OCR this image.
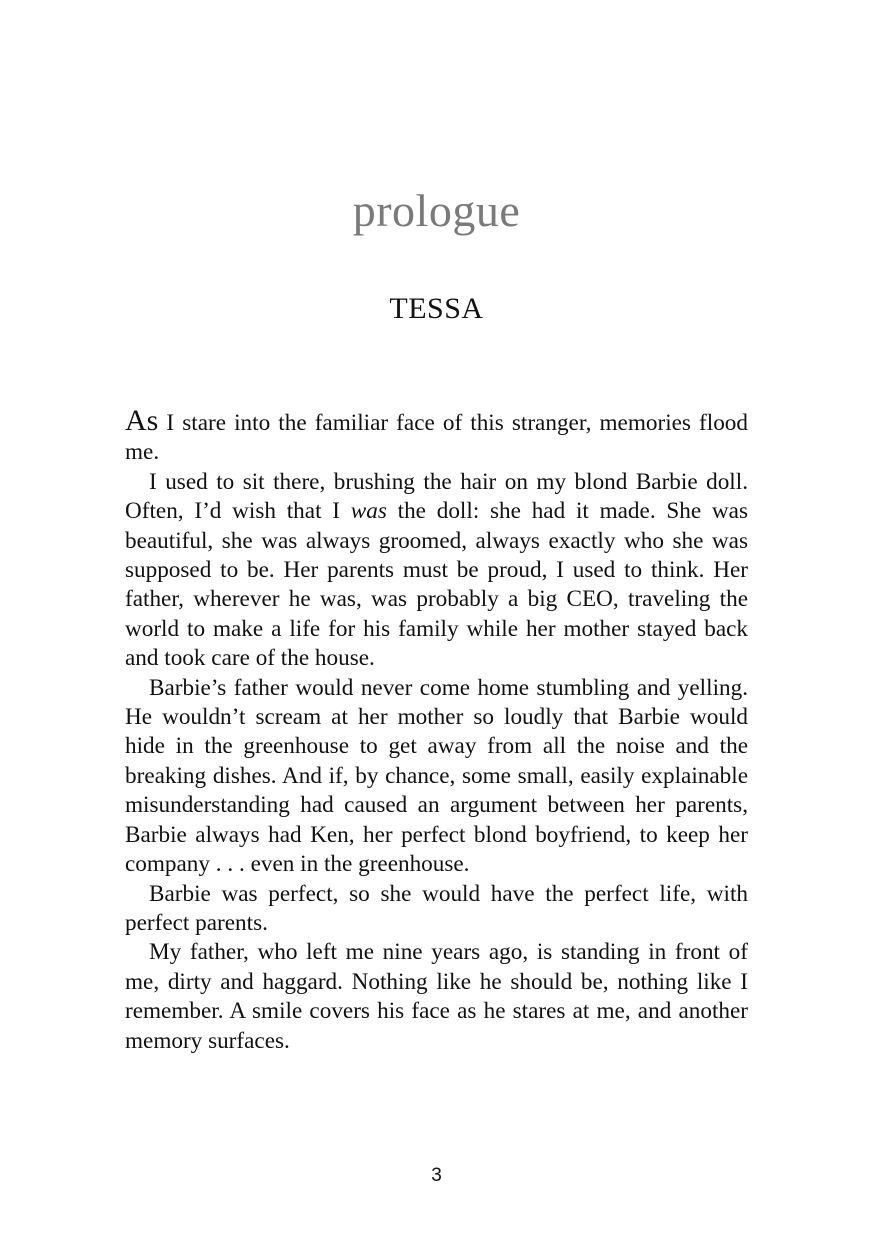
prologue
TESSA

As I stare into the familiar face of this stranger, memories flood me.

I used to sit there, brushing the hair on my blond Barbie doll. Often, I’d wish that I was the doll: she had it made. She was beautiful, she was always groomed, always exactly who she was supposed to be. Her parents must be proud, I used to think. Her father, wherever he was, was probably a big CEO, traveling the world to make a life for his family while her mother stayed back and took care of the house.

Barbie’s father would never come home stumbling and yelling. He wouldn’t scream at her mother so loudly that Barbie would hide in the greenhouse to get away from all the noise and the breaking dishes. And if, by chance, some small, easily explainable misunderstanding had caused an argument between her parents, Barbie always had Ken, her perfect blond boyfriend, to keep her company . . . even in the greenhouse.

Barbie was perfect, so she would have the perfect life, with perfect parents.

My father, who left me nine years ago, is standing in front of me, dirty and haggard. Nothing like he should be, nothing like I remember. A smile covers his face as he stares at me, and another memory surfaces.

3
